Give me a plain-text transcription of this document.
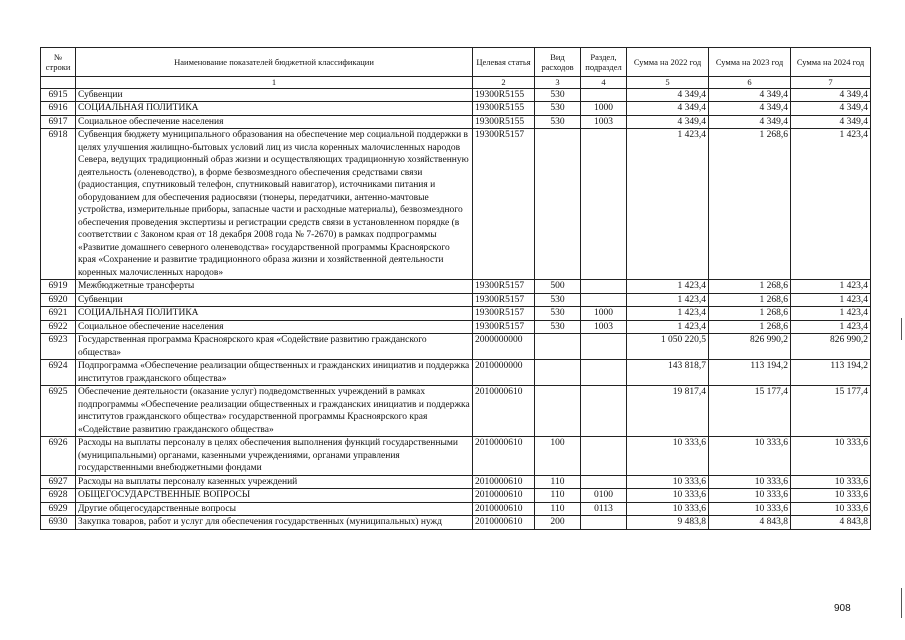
№ строки	Наименование показателей бюджетной классификации	Целевая статья	Вид расходов	Раздел, подраздел	Сумма на 2022 год	Сумма на 2023 год	Сумма на 2024 год
	1	2	3	4	5	6	7
6915	Субвенции	19300R5155	530		4 349,4	4 349,4	4 349,4
6916	СОЦИАЛЬНАЯ ПОЛИТИКА	19300R5155	530	1000	4 349,4	4 349,4	4 349,4
6917	Социальное обеспечение населения	19300R5155	530	1003	4 349,4	4 349,4	4 349,4
6918	Субвенция бюджету муниципального образования на обеспечение мер социальной поддержки в целях улучшения жилищно-бытовых условий лиц из числа коренных малочисленных народов Севера, ведущих традиционный образ жизни и осуществляющих традиционную хозяйственную деятельность (оленеводство), в форме безвозмездного обеспечения средствами связи (радиостанция, спутниковый телефон, спутниковый навигатор), источниками питания и оборудованием для обеспечения радиосвязи (тюнеры, передатчики, антенно-мачтовые устройства, измерительные приборы, запасные части и расходные материалы), безвозмездного обеспечения проведения экспертизы и регистрации средств связи в установленном порядке (в соответствии с Законом края от 18 декабря 2008 года № 7-2670) в рамках подпрограммы «Развитие домашнего северного оленеводства» государственной программы Красноярского края «Сохранение и развитие традиционного образа жизни и хозяйственной деятельности коренных малочисленных народов»	19300R5157			1 423,4	1 268,6	1 423,4
6919	Межбюджетные трансферты	19300R5157	500		1 423,4	1 268,6	1 423,4
6920	Субвенции	19300R5157	530		1 423,4	1 268,6	1 423,4
6921	СОЦИАЛЬНАЯ ПОЛИТИКА	19300R5157	530	1000	1 423,4	1 268,6	1 423,4
6922	Социальное обеспечение населения	19300R5157	530	1003	1 423,4	1 268,6	1 423,4
6923	Государственная программа Красноярского края «Содействие развитию гражданского общества»	2000000000			1 050 220,5	826 990,2	826 990,2
6924	Подпрограмма «Обеспечение реализации общественных и гражданских инициатив и поддержка институтов гражданского общества»	2010000000			143 818,7	113 194,2	113 194,2
6925	Обеспечение деятельности (оказание услуг) подведомственных учреждений в рамках подпрограммы «Обеспечение реализации общественных и гражданских инициатив и поддержка институтов гражданского общества» государственной программы Красноярского края «Содействие развитию гражданского общества»	2010000610			19 817,4	15 177,4	15 177,4
6926	Расходы на выплаты персоналу в целях обеспечения выполнения функций государственными (муниципальными) органами, казенными учреждениями, органами управления государственными внебюджетными фондами	2010000610	100		10 333,6	10 333,6	10 333,6
6927	Расходы на выплаты персоналу казенных учреждений	2010000610	110		10 333,6	10 333,6	10 333,6
6928	ОБЩЕГОСУДАРСТВЕННЫЕ ВОПРОСЫ	2010000610	110	0100	10 333,6	10 333,6	10 333,6
6929	Другие общегосударственные вопросы	2010000610	110	0113	10 333,6	10 333,6	10 333,6
6930	Закупка товаров, работ и услуг для обеспечения государственных (муниципальных) нужд	2010000610	200		9 483,8	4 843,8	4 843,8
908
